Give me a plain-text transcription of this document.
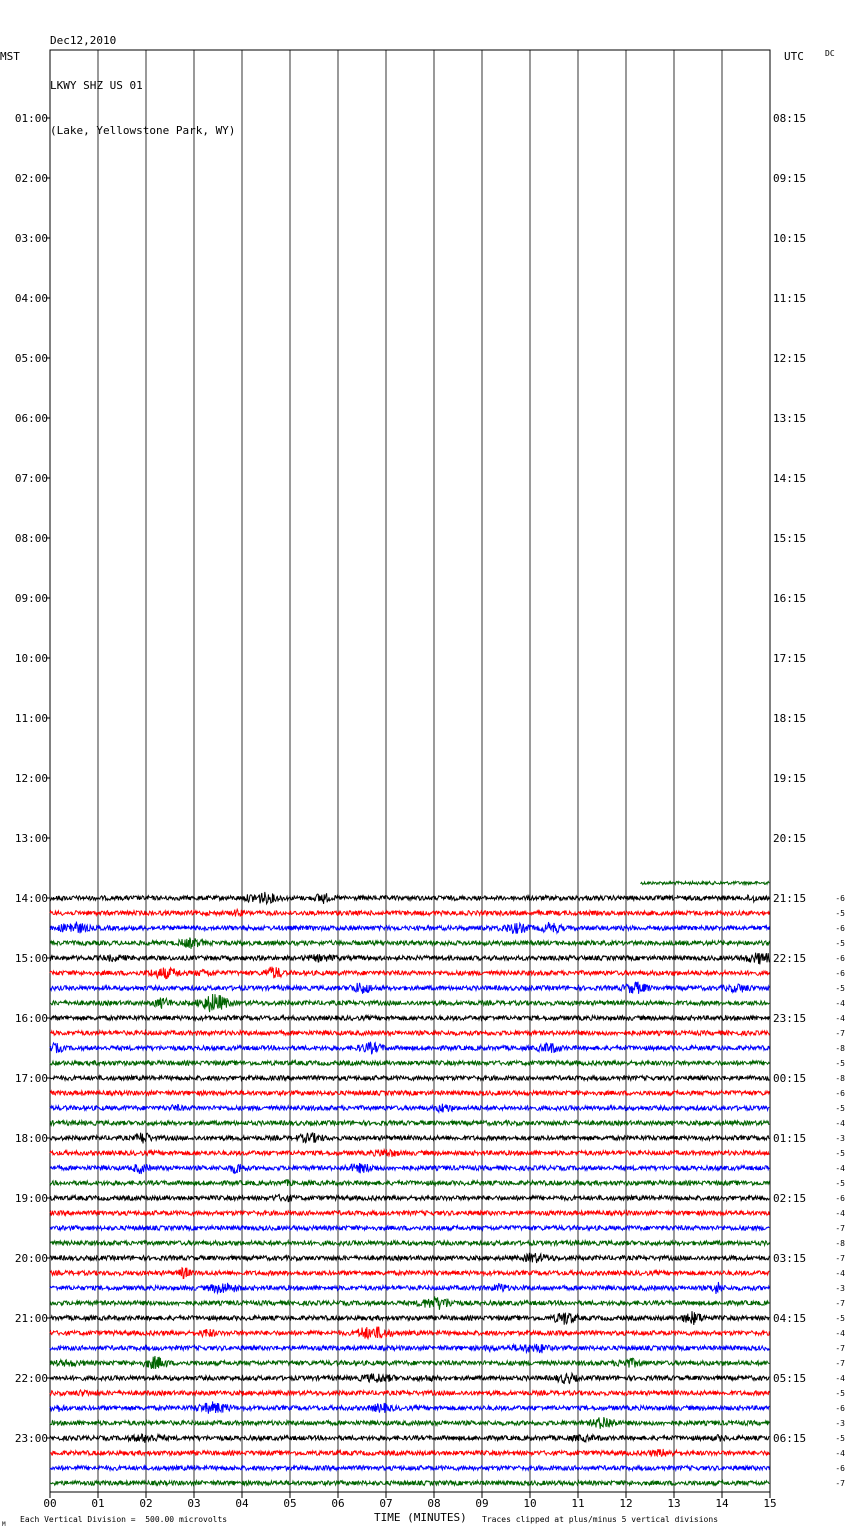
Dec12,2010

LKWY SHZ US 01

(Lake, Yellowstone Park, WY)

MST	UTC	DC
00	01	02	03	04	05	06	07	08	09	10	11	12	13	14	15
01:00
02:00
03:00
04:00
05:00
06:00
07:00
08:00
09:00
10:00
11:00
12:00
13:00
14:00
15:00
16:00
17:00
18:00
19:00
20:00
21:00
22:00
23:00
08:15
09:15
10:15
11:15
12:15
13:15
14:15
15:15
16:15
17:15
18:15
19:15
20:15
21:15
22:15
23:15
00:15
01:15
02:15
03:15
04:15
05:15
06:15
-6
-5
-6
-5
-6
-6
-5
-4
-4
-7
-8
-5
-8
-6
-5
-4
-3
-5
-4
-5
-6
-4
-7
-8
-7
-4
-3
-7
-5
-4
-7
-7
-4
-5
-6
-3
-5
-4
-6
-7
M
Each Vertical Division =  500.00 microvolts	TIME (MINUTES) Traces clipped at plus/minus 5 vertical divisions
